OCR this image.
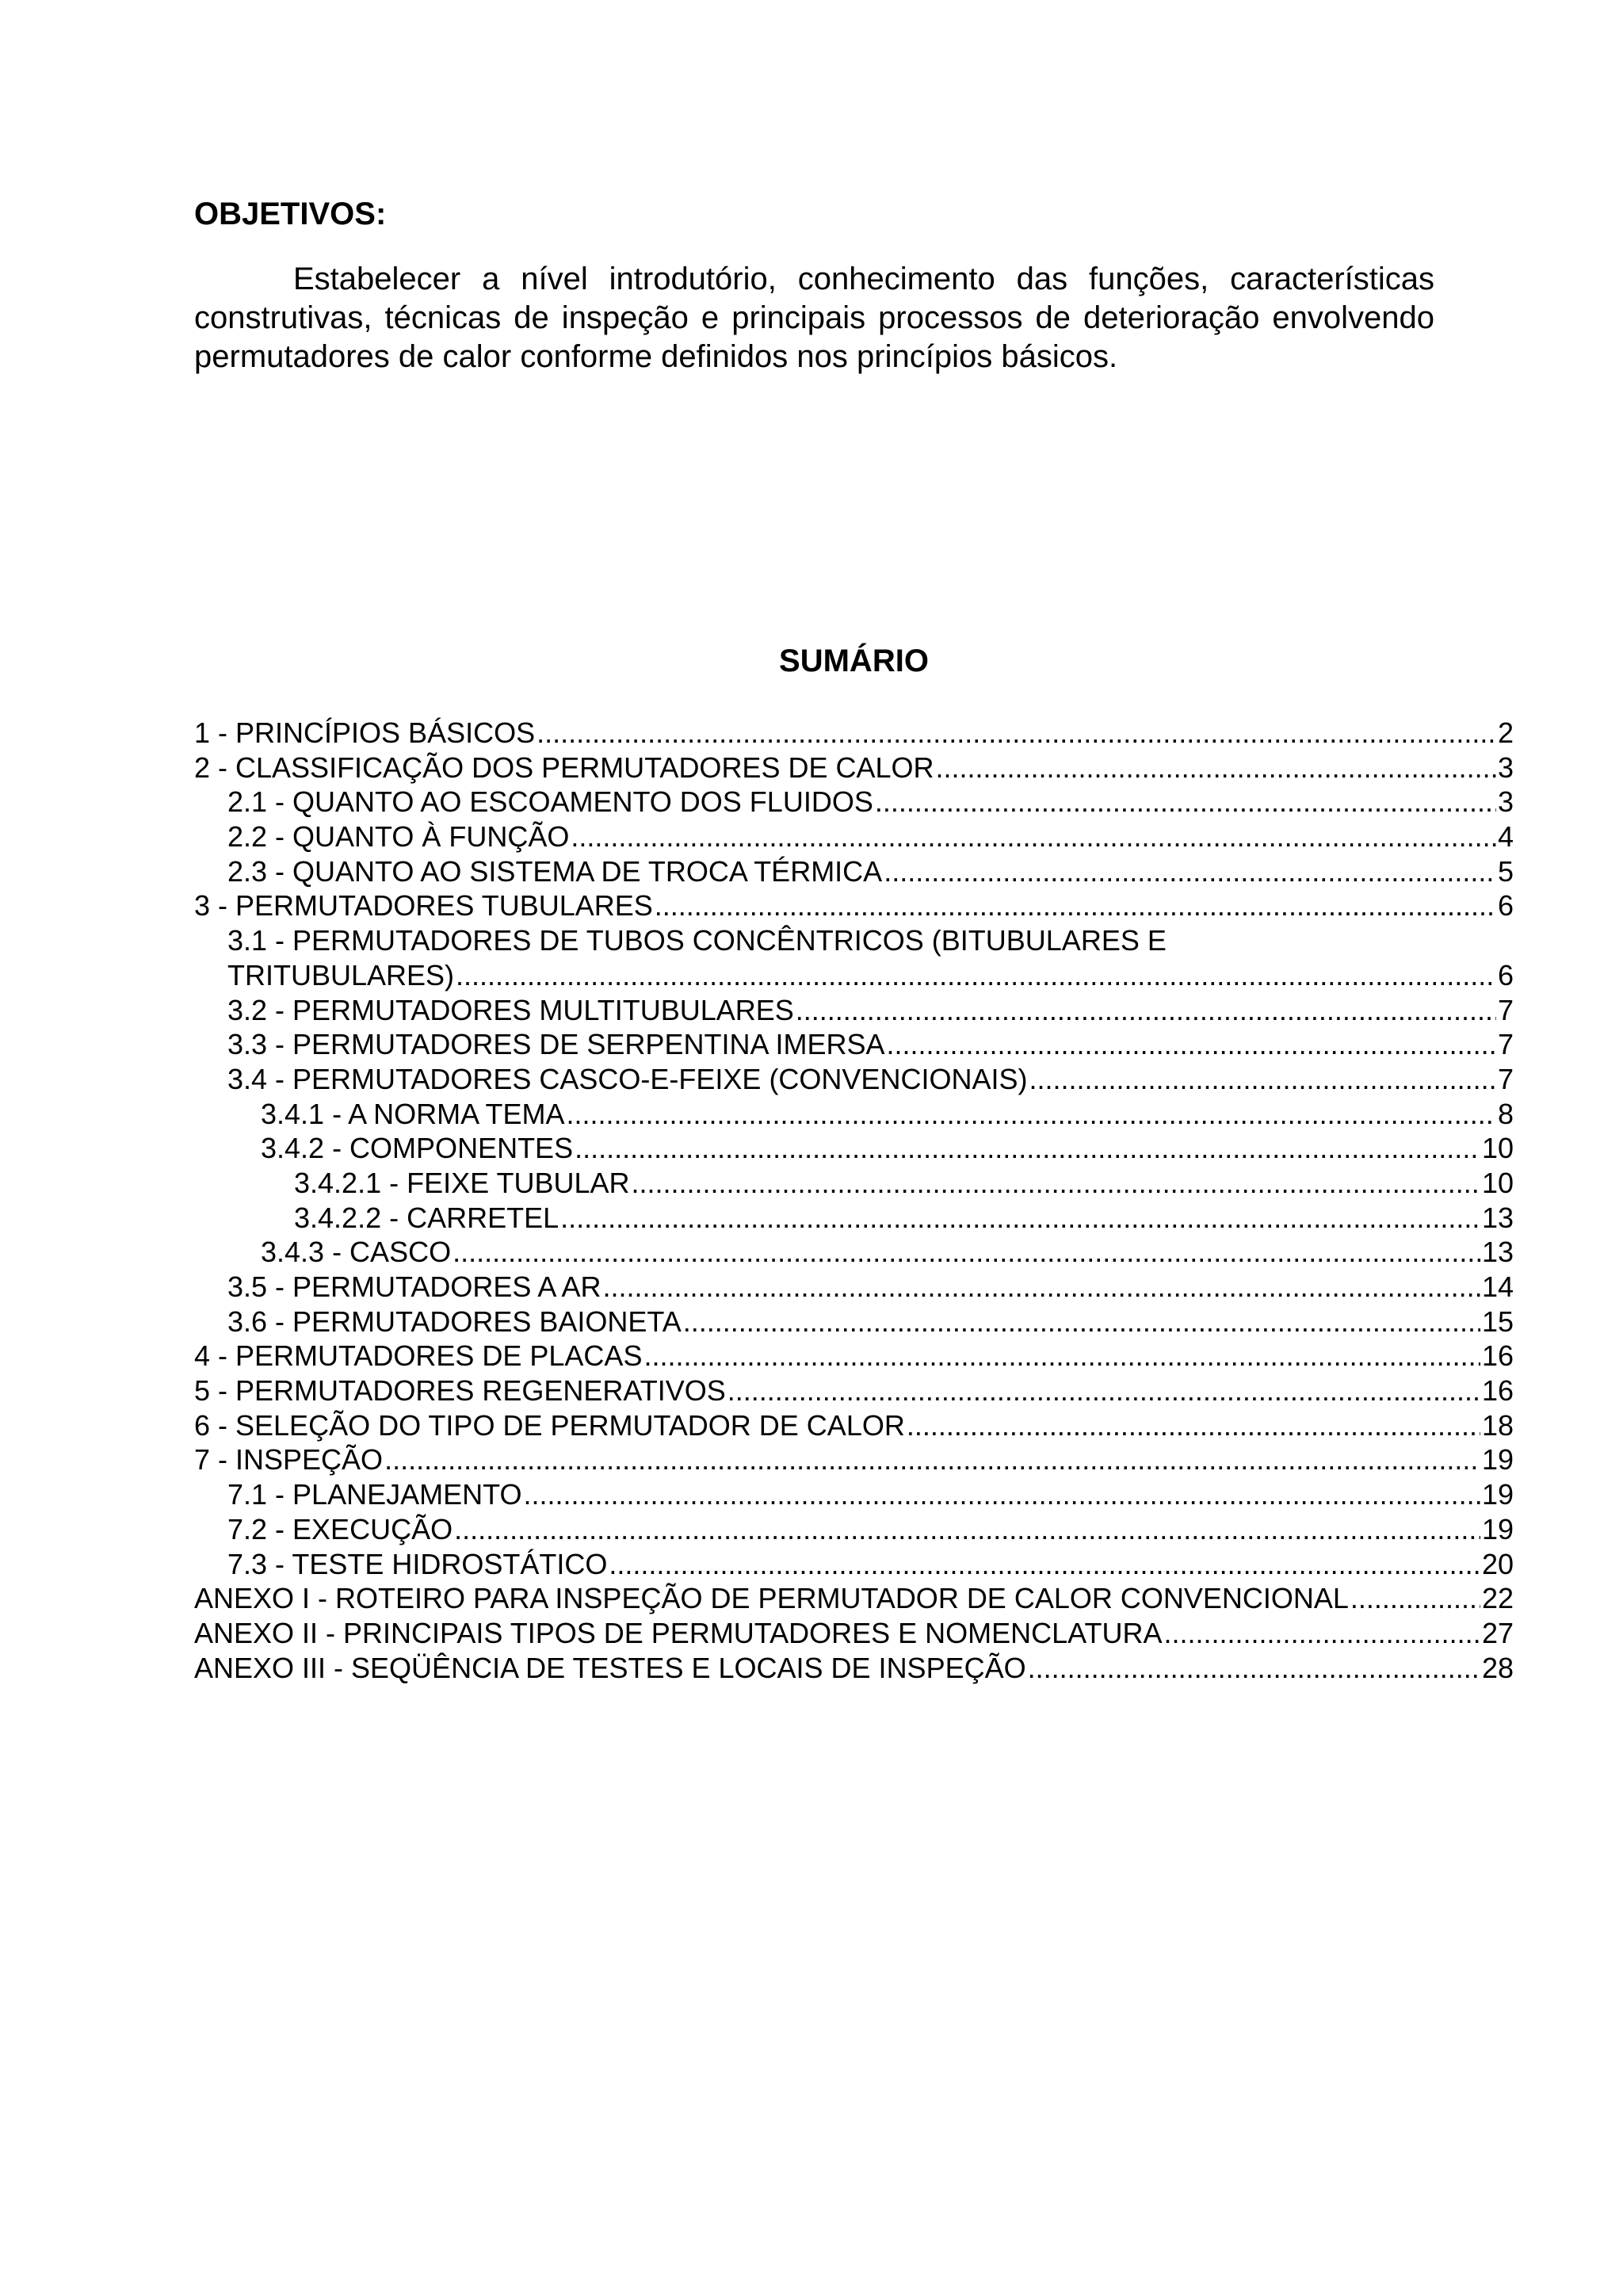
OBJETIVOS:

Estabelecer a nível introdutório, conhecimento das funções, características construtivas, técnicas de inspeção e principais processos de deterioração envolvendo permutadores de calor conforme definidos nos princípios básicos.

SUMÁRIO
1 - PRINCÍPIOS BÁSICOS .....	2
2 - CLASSIFICAÇÃO DOS PERMUTADORES DE CALOR .....	3
2.1 - QUANTO AO ESCOAMENTO DOS FLUIDOS .....	3
2.2 - QUANTO À FUNÇÃO .....	4
2.3 - QUANTO AO SISTEMA DE TROCA TÉRMICA .....	5
3 - PERMUTADORES TUBULARES .....	6
3.1 - PERMUTADORES DE TUBOS CONCÊNTRICOS (BITUBULARES E
TRITUBULARES) .....	6
3.2 - PERMUTADORES MULTITUBULARES .....	7
3.3 - PERMUTADORES DE SERPENTINA IMERSA .....	7
3.4 - PERMUTADORES CASCO-E-FEIXE (CONVENCIONAIS) .....	7
3.4.1 - A NORMA TEMA .....	8
3.4.2 - COMPONENTES .....	10
3.4.2.1 - FEIXE TUBULAR .....	10
3.4.2.2 - CARRETEL .....	13
3.4.3 - CASCO .....	13
3.5 - PERMUTADORES A AR .....	14
3.6 - PERMUTADORES BAIONETA .....	15
4 - PERMUTADORES DE PLACAS .....	16
5 - PERMUTADORES REGENERATIVOS .....	16
6 - SELEÇÃO DO TIPO DE PERMUTADOR DE CALOR .....	18
7 - INSPEÇÃO .....	19
7.1 - PLANEJAMENTO .....	19
7.2 - EXECUÇÃO .....	19
7.3 - TESTE HIDROSTÁTICO .....	20
ANEXO I - ROTEIRO PARA INSPEÇÃO DE PERMUTADOR DE CALOR CONVENCIONAL .....	22
ANEXO II - PRINCIPAIS TIPOS DE PERMUTADORES E NOMENCLATURA .....	27
ANEXO III - SEQÜÊNCIA DE TESTES E LOCAIS DE INSPEÇÃO .....	28
